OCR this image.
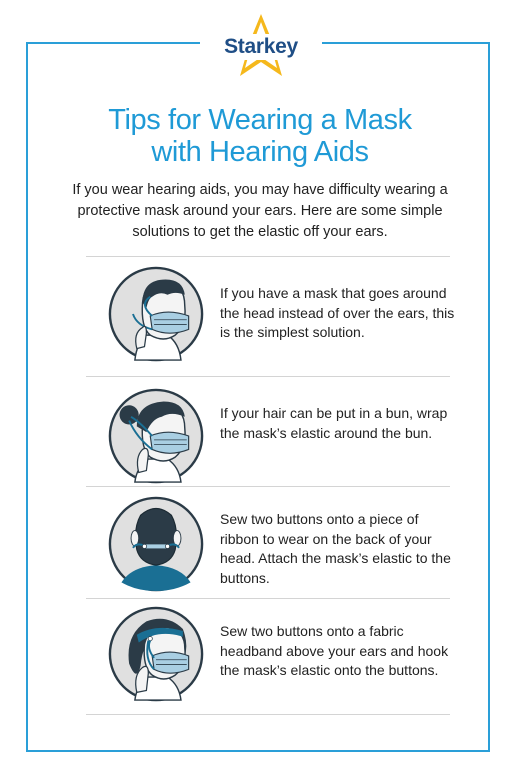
Starkey
Tips for Wearing a Mask
with Hearing Aids

If you wear hearing aids, you may have difficulty wearing a protective mask around your ears. Here are some simple solutions to get the elastic off your ears.

If you have a mask that goes around the head instead of over the ears, this is the simplest solution.

If your hair can be put in a bun, wrap the mask’s elastic around the bun.

Sew two buttons onto a piece of ribbon to wear on the back of your head. Attach the mask’s elastic to the buttons.

Sew two buttons onto a fabric headband above your ears and hook the mask’s elastic onto the buttons.
